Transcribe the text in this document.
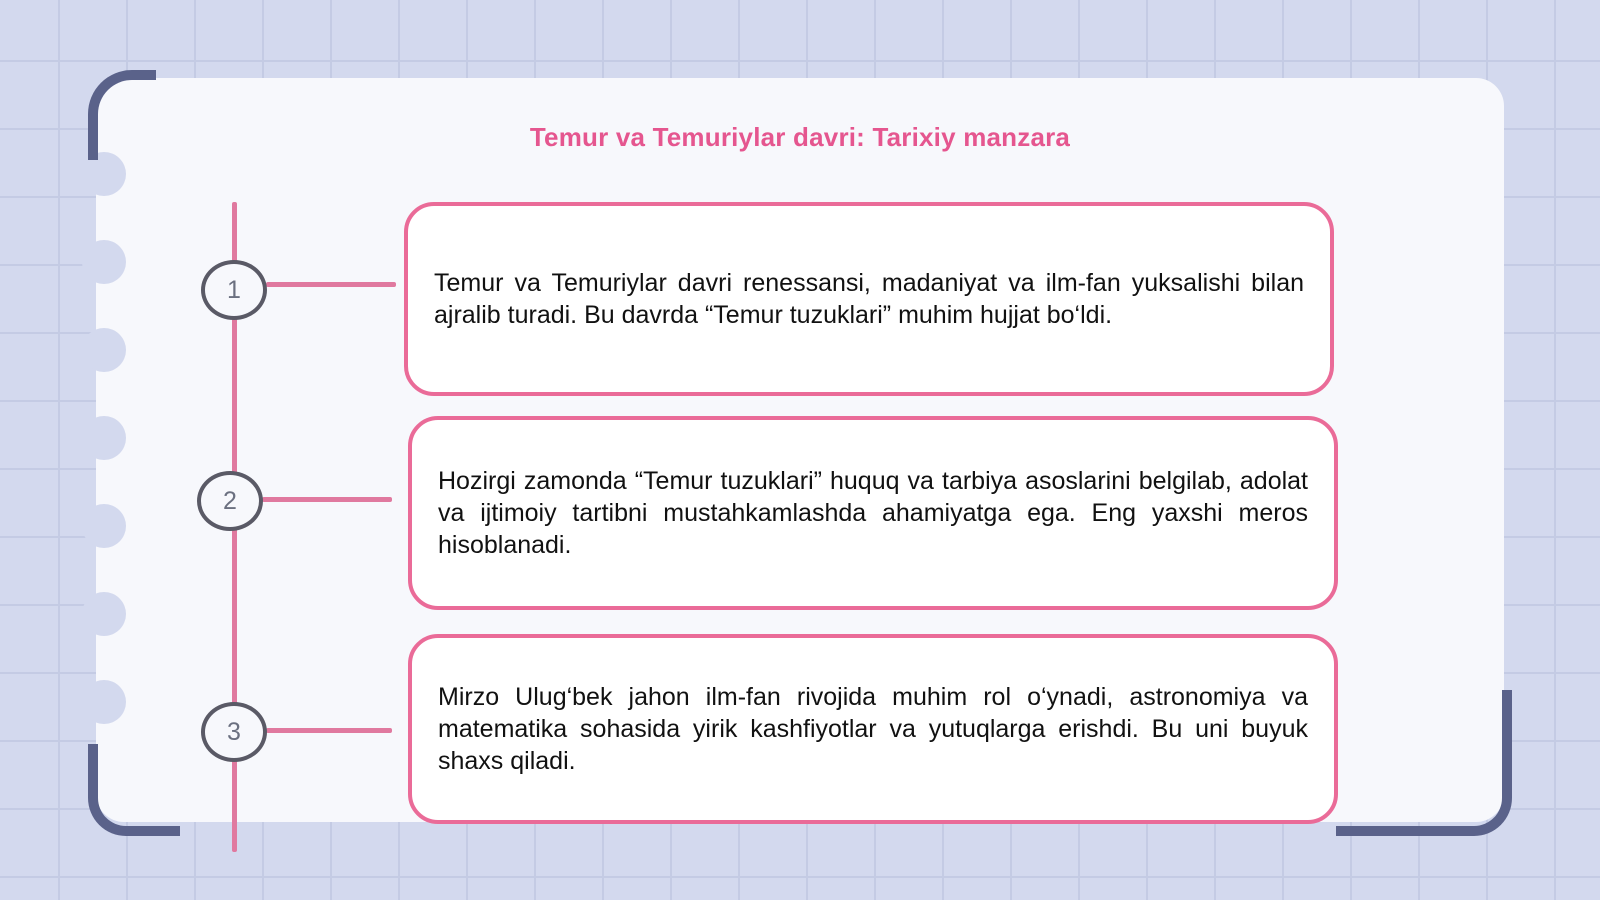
Temur va Temuriylar davri: Tarixiy manzara
1
2
3

Temur va Temuriylar davri renessansi, madaniyat va ilm-fan yuksalishi bilan ajralib turadi. Bu davrda “Temur tuzuklari” muhim hujjat bo‘ldi.

Hozirgi zamonda “Temur tuzuklari” huquq va tarbiya asoslarini belgilab, adolat va ijtimoiy tartibni mustahkamlashda ahamiyatga ega. Eng yaxshi meros hisoblanadi.

Mirzo Ulug‘bek jahon ilm-fan rivojida muhim rol o‘ynadi, astronomiya va matematika sohasida yirik kashfiyotlar va yutuqlarga erishdi. Bu uni buyuk shaxs qiladi.
